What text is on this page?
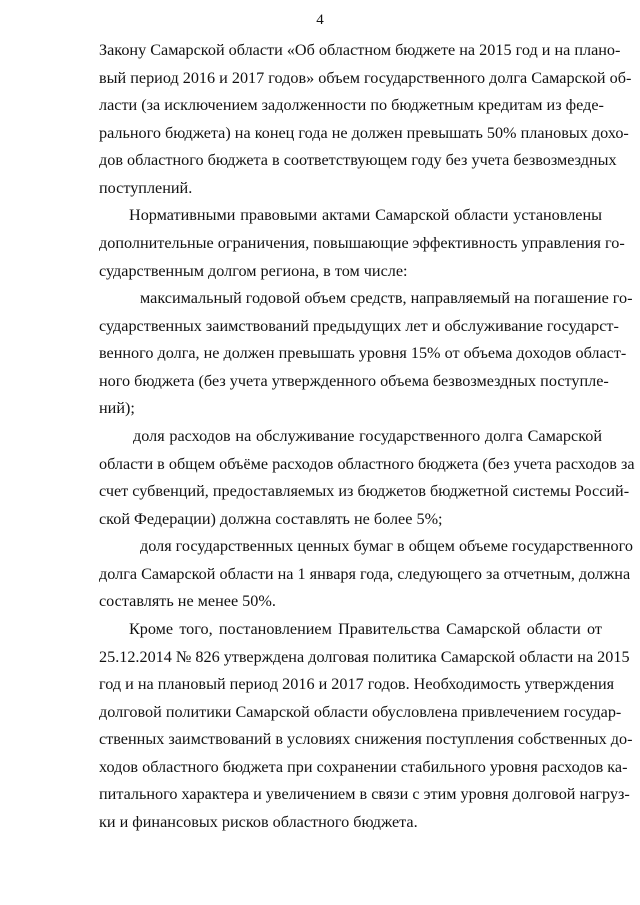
4
Закону Самарской области «Об областном бюджете на 2015 год и на плано-
вый период 2016 и 2017 годов» объем государственного долга Самарской об-
ласти (за исключением задолженности по бюджетным кредитам из феде-
рального бюджета) на конец года не должен превышать 50% плановых дохо-
дов областного бюджета в соответствующем году без учета безвозмездных
поступлений.
Нормативными правовыми актами Самарской области установлены
дополнительные ограничения, повышающие эффективность управления го-
сударственным долгом региона, в том числе:
максимальный годовой объем средств, направляемый на погашение го-
сударственных заимствований предыдущих лет и обслуживание государст-
венного долга, не должен превышать уровня 15% от объема доходов област-
ного бюджета (без учета утвержденного объема безвозмездных поступле-
ний);
доля расходов на обслуживание государственного долга Самарской
области в общем объёме расходов областного бюджета (без учета расходов за
счет субвенций, предоставляемых из бюджетов бюджетной системы Россий-
ской Федерации) должна составлять не более 5%;
доля государственных ценных бумаг в общем объеме государственного
долга Самарской области на 1 января года, следующего за отчетным, должна
составлять не менее 50%.
Кроме того, постановлением Правительства Самарской области от
25.12.2014 № 826 утверждена долговая политика Самарской области на 2015
год и на плановый период 2016 и 2017 годов. Необходимость утверждения
долговой политики Самарской области обусловлена привлечением государ-
ственных заимствований в условиях снижения поступления собственных до-
ходов областного бюджета при сохранении стабильного уровня расходов ка-
питального характера и увеличением в связи с этим уровня долговой нагруз-
ки и финансовых рисков областного бюджета.
